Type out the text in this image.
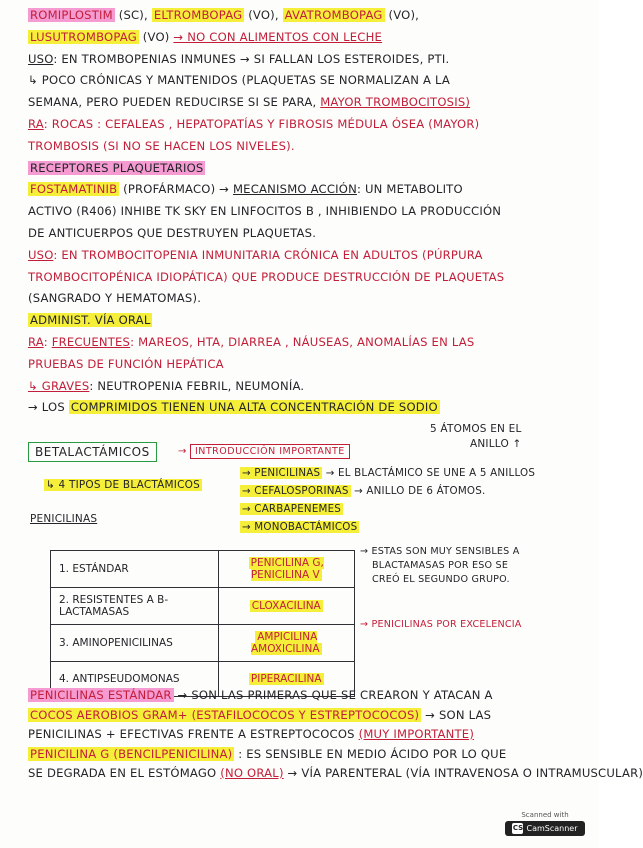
ROMIPLOSTIM (SC), ELTROMBOPAG (VO), AVATROMBOPAG (VO),
LUSUTROMBOPAG (VO) → NO CON ALIMENTOS CON LECHE
USO: EN TROMBOPENIAS INMUNES → SI FALLAN LOS ESTEROIDES, PTI.
↳ POCO CRÓNICAS Y MANTENIDOS (PLAQUETAS SE NORMALIZAN A LA
SEMANA, PERO PUEDEN REDUCIRSE SI SE PARA, MAYOR TROMBOCITOSIS)
RA: ROCAS : CEFALEAS , HEPATOPATÍAS Y FIBROSIS MÉDULA ÓSEA (MAYOR)
TROMBOSIS (SI NO SE HACEN LOS NIVELES).
RECEPTORES PLAQUETARIOS
FOSTAMATINIB (PROFÁRMACO) → MECANISMO ACCIÓN: UN METABOLITO
ACTIVO (R406) INHIBE TK SKY EN LINFOCITOS B , INHIBIENDO LA PRODUCCIÓN
DE ANTICUERPOS QUE DESTRUYEN PLAQUETAS.
USO: EN TROMBOCITOPENIA INMUNITARIA CRÓNICA EN ADULTOS (PÚRPURA
TROMBOCITOPÉNICA IDIOPÁTICA) QUE PRODUCE DESTRUCCIÓN DE PLAQUETAS
(SANGRADO Y HEMATOMAS).
ADMINIST. VÍA ORAL
RA: FRECUENTES: MAREOS, HTA, DIARREA , NÁUSEAS, ANOMALÍAS EN LAS
PRUEBAS DE FUNCIÓN HEPÁTICA
↳ GRAVES: NEUTROPENIA FEBRIL, NEUMONÍA.
→ LOS COMPRIMIDOS TIENEN UNA ALTA CONCENTRACIÓN DE SODIO
BETALACTÁMICOS	→ INTRODUCCIÓN IMPORTANTE
5 ÁTOMOS EN EL
ANILLO ↑
↳ 4 TIPOS DE ΒLACTÁMICOS
→ PENICILINAS → EL ΒLACTÁMICO SE UNE A 5 ANILLOS
→ CEFALOSPORINAS → ANILLO DE 6 ÁTOMOS.
→ CARBAPENEMES
→ MONOBACTÁMICOS
PENICILINAS
1. ESTÁNDAR	PENICILINA G, PENICILINA V
2. RESISTENTES A Β-LACTAMASAS	CLOXACILINA
3. AMINOPENICILINAS	AMPICILINA AMOXICILINA
4. ANTIPSEUDOMONAS	PIPERACILINA
→ ESTAS SON MUY SENSIBLES A
ΒLACTAMASAS POR ESO SE
CREÓ EL SEGUNDO GRUPO.
→ PENICILINAS POR EXCELENCIA
PENICILINAS ESTÁNDAR → SON LAS PRIMERAS QUE SE CREARON Y ATACAN A
COCOS AEROBIOS GRAM+ (ESTAFILOCOCOS Y ESTREPTOCOCOS) → SON LAS
PENICILINAS + EFECTIVAS FRENTE A ESTREPTOCOCOS (MUY IMPORTANTE)
PENICILINA G (BENCILPENICILINA) : ES SENSIBLE EN MEDIO ÁCIDO POR LO QUE
SE DEGRADA EN EL ESTÓMAGO (NO ORAL) → VÍA PARENTERAL (VÍA INTRAVENOSA O INTRAMUSCULAR)
Scanned with
CS CamScanner
